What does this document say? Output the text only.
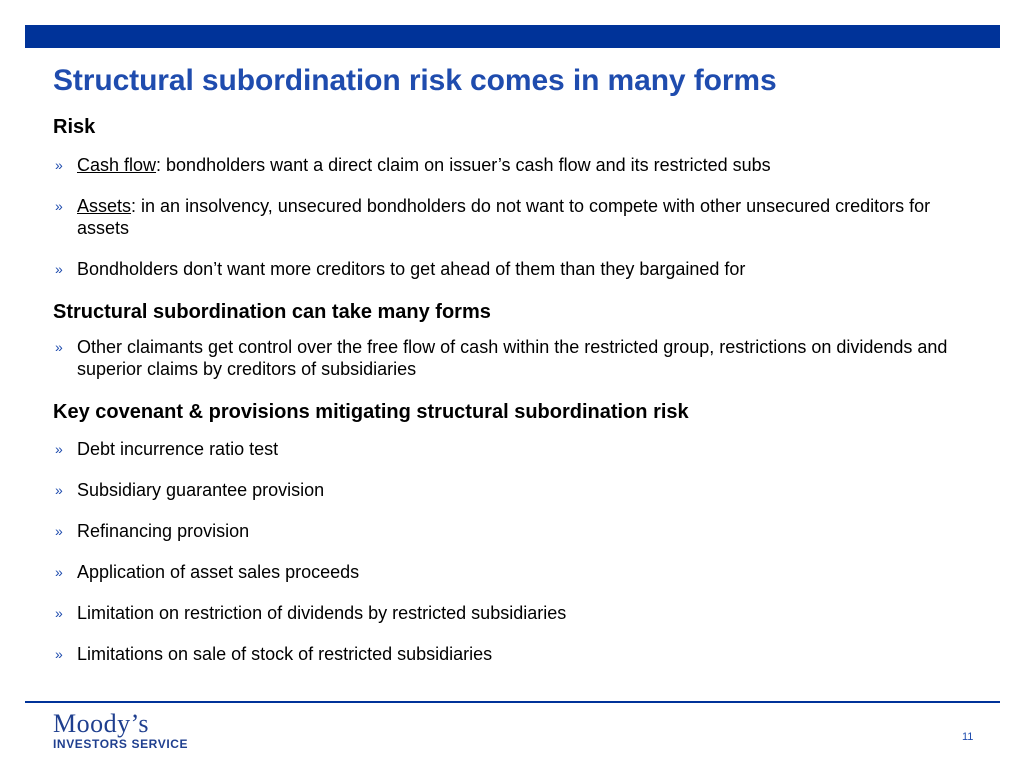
Structural subordination risk comes in many forms
Risk
» Cash flow: bondholders want a direct claim on issuer’s cash flow and its restricted subs
» Assets: in an insolvency, unsecured bondholders do not want to compete with other unsecured creditors for assets
» Bondholders don’t want more creditors to get ahead of them than they bargained for
Structural subordination can take many forms
» Other claimants get control over the free flow of cash within the restricted group, restrictions on dividends and superior claims by creditors of subsidiaries
Key covenant & provisions mitigating structural subordination risk
» Debt incurrence ratio test
» Subsidiary guarantee provision
» Refinancing provision
» Application of asset sales proceeds
» Limitation on restriction of dividends by restricted subsidiaries
» Limitations on sale of stock of restricted subsidiaries
Moody’s
INVESTORS SERVICE	11
